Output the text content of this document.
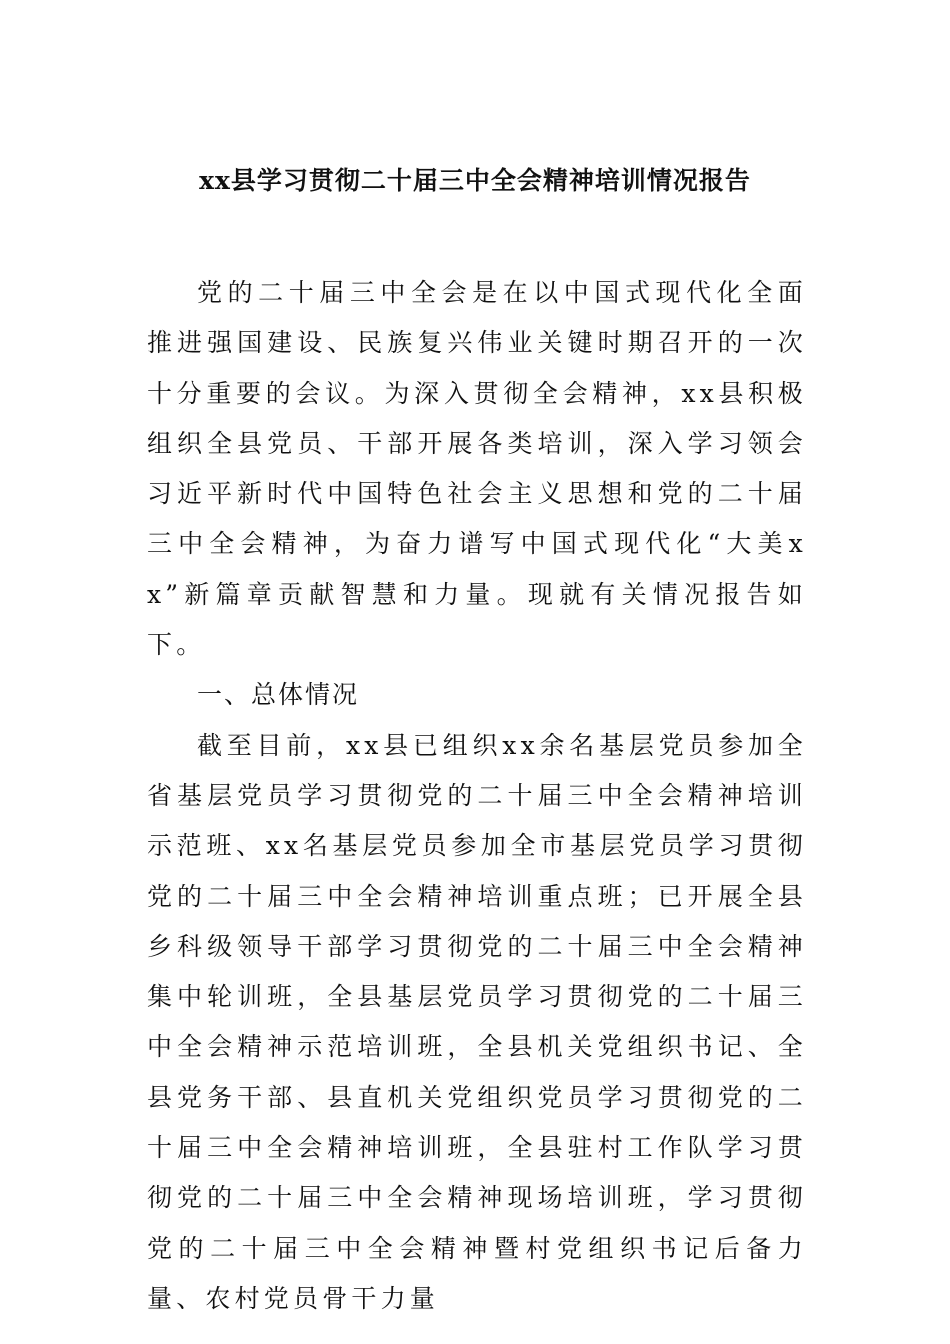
xx县学习贯彻二十届三中全会精神培训情况报告

党的二十届三中全会是在以中国式现代化全面推进强国建设、民族复兴伟业关键时期召开的一次十分重要的会议。为深入贯彻全会精神，xx县积极组织全县党员、干部开展各类培训，深入学习领会习近平新时代中国特色社会主义思想和党的二十届三中全会精神，为奋力谱写中国式现代化“大美xx”新篇章贡献智慧和力量。现就有关情况报告如下。

一、总体情况

截至目前，xx县已组织xx余名基层党员参加全省基层党员学习贯彻党的二十届三中全会精神培训示范班、xx名基层党员参加全市基层党员学习贯彻党的二十届三中全会精神培训重点班；已开展全县乡科级领导干部学习贯彻党的二十届三中全会精神集中轮训班，全县基层党员学习贯彻党的二十届三中全会精神示范培训班，全县机关党组织书记、全县党务干部、县直机关党组织党员学习贯彻党的二十届三中全会精神培训班，全县驻村工作队学习贯彻党的二十届三中全会精神现场培训班，学习贯彻党的二十届三中全会精神暨村党组织书记后备力量、农村党员骨干力量
